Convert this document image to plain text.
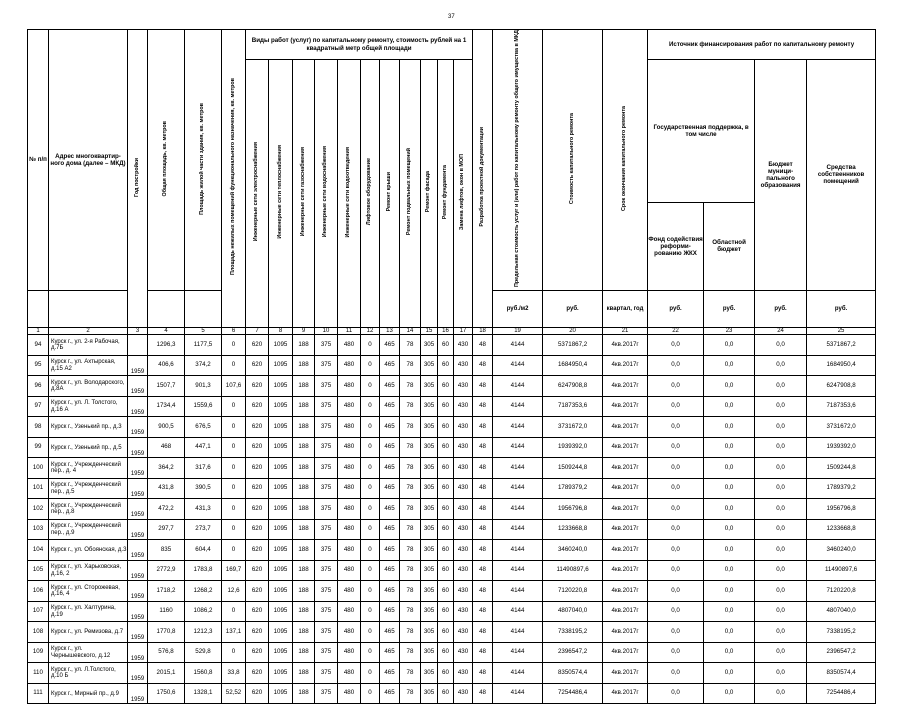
37
№ п/п	Адрес многоквартир-ного дома (далее – МКД)	Год постройки	Общая площадь, кв. метров	Площадь жилой части здания, кв. метров	Площадь нежилых помещений функционального назначения, кв. метров	Виды работ (услуг) по капитальному ремонту, стоимость рублей на 1 квадратный метр общей площади											Разработка проектной документации	Предельная стоимость услуг и (или) работ по капитальному ремонту общего имущества в МКД	Стоимость капитального ремонта	Срок окончания капитального ремонта	Источник финансирования работ по капитальному ремонту			
						Инженерные сети электроснабжения	Инженерные сети теплоснабжения	Инженерные сети газоснабжения	Инженерные сети водоснабжения	Инженерные сети водоотведения	Лифтовое оборудование	Ремонт крыши	Ремонт подвальных помещений	Ремонт фасада	Ремонт фундамента	Замена лифтов, окон в МОП					Государственная поддержка, в том числе		Бюджет муници-пального образования	Средства собственников помещений
																					Фонд содействия реформи-рованию ЖКХ	Областной бюджет		
																		руб./м2	руб.	квартал, год	руб.	руб.	руб.	руб.
1	2	3	4	5	6	7	8	9	10	11	12	13	14	15	16	17	18	19	20	21	22	23	24	25
94	Курск г., ул. 2-я Рабочая, д.7Б		1296,3	1177,5	0	620	1095	188	375	480	0	465	78	305	60	430	48	4144	5371867,2	4кв.2017г	0,0	0,0	0,0	5371867,2
95	Курск г., ул. Ахтырская, д.15 А2	1959	406,6	374,2	0	620	1095	188	375	480	0	465	78	305	60	430	48	4144	1684950,4	4кв.2017г	0,0	0,0	0,0	1684950,4
96	Курск г., ул. Володарского, д.8А	1959	1507,7	901,3	107,6	620	1095	188	375	480	0	465	78	305	60	430	48	4144	6247908,8	4кв.2017г	0,0	0,0	0,0	6247908,8
97	Курск г., ул. Л. Толстого, д.16 А	1959	1734,4	1559,6	0	620	1095	188	375	480	0	465	78	305	60	430	48	4144	7187353,6	4кв.2017г	0,0	0,0	0,0	7187353,6
98	Курск г., Узенький пр., д.3	1959	900,5	676,5	0	620	1095	188	375	480	0	465	78	305	60	430	48	4144	3731672,0	4кв.2017г	0,0	0,0	0,0	3731672,0
99	Курск г., Узенький пр., д.5	1959	468	447,1	0	620	1095	188	375	480	0	465	78	305	60	430	48	4144	1939392,0	4кв.2017г	0,0	0,0	0,0	1939392,0
100	Курск г., Учрежденческий пер., д. 4	1959	364,2	317,6	0	620	1095	188	375	480	0	465	78	305	60	430	48	4144	1509244,8	4кв.2017г	0,0	0,0	0,0	1509244,8
101	Курск г., Учрежденческий пер., д.5	1959	431,8	390,5	0	620	1095	188	375	480	0	465	78	305	60	430	48	4144	1789379,2	4кв.2017г	0,0	0,0	0,0	1789379,2
102	Курск г., Учрежденческий пер., д.8	1959	472,2	431,3	0	620	1095	188	375	480	0	465	78	305	60	430	48	4144	1956796,8	4кв.2017г	0,0	0,0	0,0	1956796,8
103	Курск г., Учрежденческий пер., д.9	1959	297,7	273,7	0	620	1095	188	375	480	0	465	78	305	60	430	48	4144	1233668,8	4кв.2017г	0,0	0,0	0,0	1233668,8
104	Курск г., ул. Обоянская, д.3	1959	835	604,4	0	620	1095	188	375	480	0	465	78	305	60	430	48	4144	3460240,0	4кв.2017г	0,0	0,0	0,0	3460240,0
105	Курск г., ул. Харьковская, д.16, 2	1959	2772,9	1783,8	169,7	620	1095	188	375	480	0	465	78	305	60	430	48	4144	11490897,6	4кв.2017г	0,0	0,0	0,0	11490897,6
106	Курск г., ул. Сторожевая, д.16, 4	1959	1718,2	1268,2	12,6	620	1095	188	375	480	0	465	78	305	60	430	48	4144	7120220,8	4кв.2017г	0,0	0,0	0,0	7120220,8
107	Курск г., ул. Халтурина, д.19	1959	1160	1086,2	0	620	1095	188	375	480	0	465	78	305	60	430	48	4144	4807040,0	4кв.2017г	0,0	0,0	0,0	4807040,0
108	Курск г., ул. Ремизова, д.7	1959	1770,8	1212,3	137,1	620	1095	188	375	480	0	465	78	305	60	430	48	4144	7338195,2	4кв.2017г	0,0	0,0	0,0	7338195,2
109	Курск г., ул. Чернышевского, д.12	1959	576,8	529,8	0	620	1095	188	375	480	0	465	78	305	60	430	48	4144	2396547,2	4кв.2017г	0,0	0,0	0,0	2396547,2
110	Курск г., ул. Л.Толстого, д.10 Б	1959	2015,1	1560,8	33,8	620	1095	188	375	480	0	465	78	305	60	430	48	4144	8350574,4	4кв.2017г	0,0	0,0	0,0	8350574,4
111	Курск г., Мирный пр., д.9	1959	1750,6	1328,1	52,52	620	1095	188	375	480	0	465	78	305	60	430	48	4144	7254486,4	4кв.2017г	0,0	0,0	0,0	7254486,4
